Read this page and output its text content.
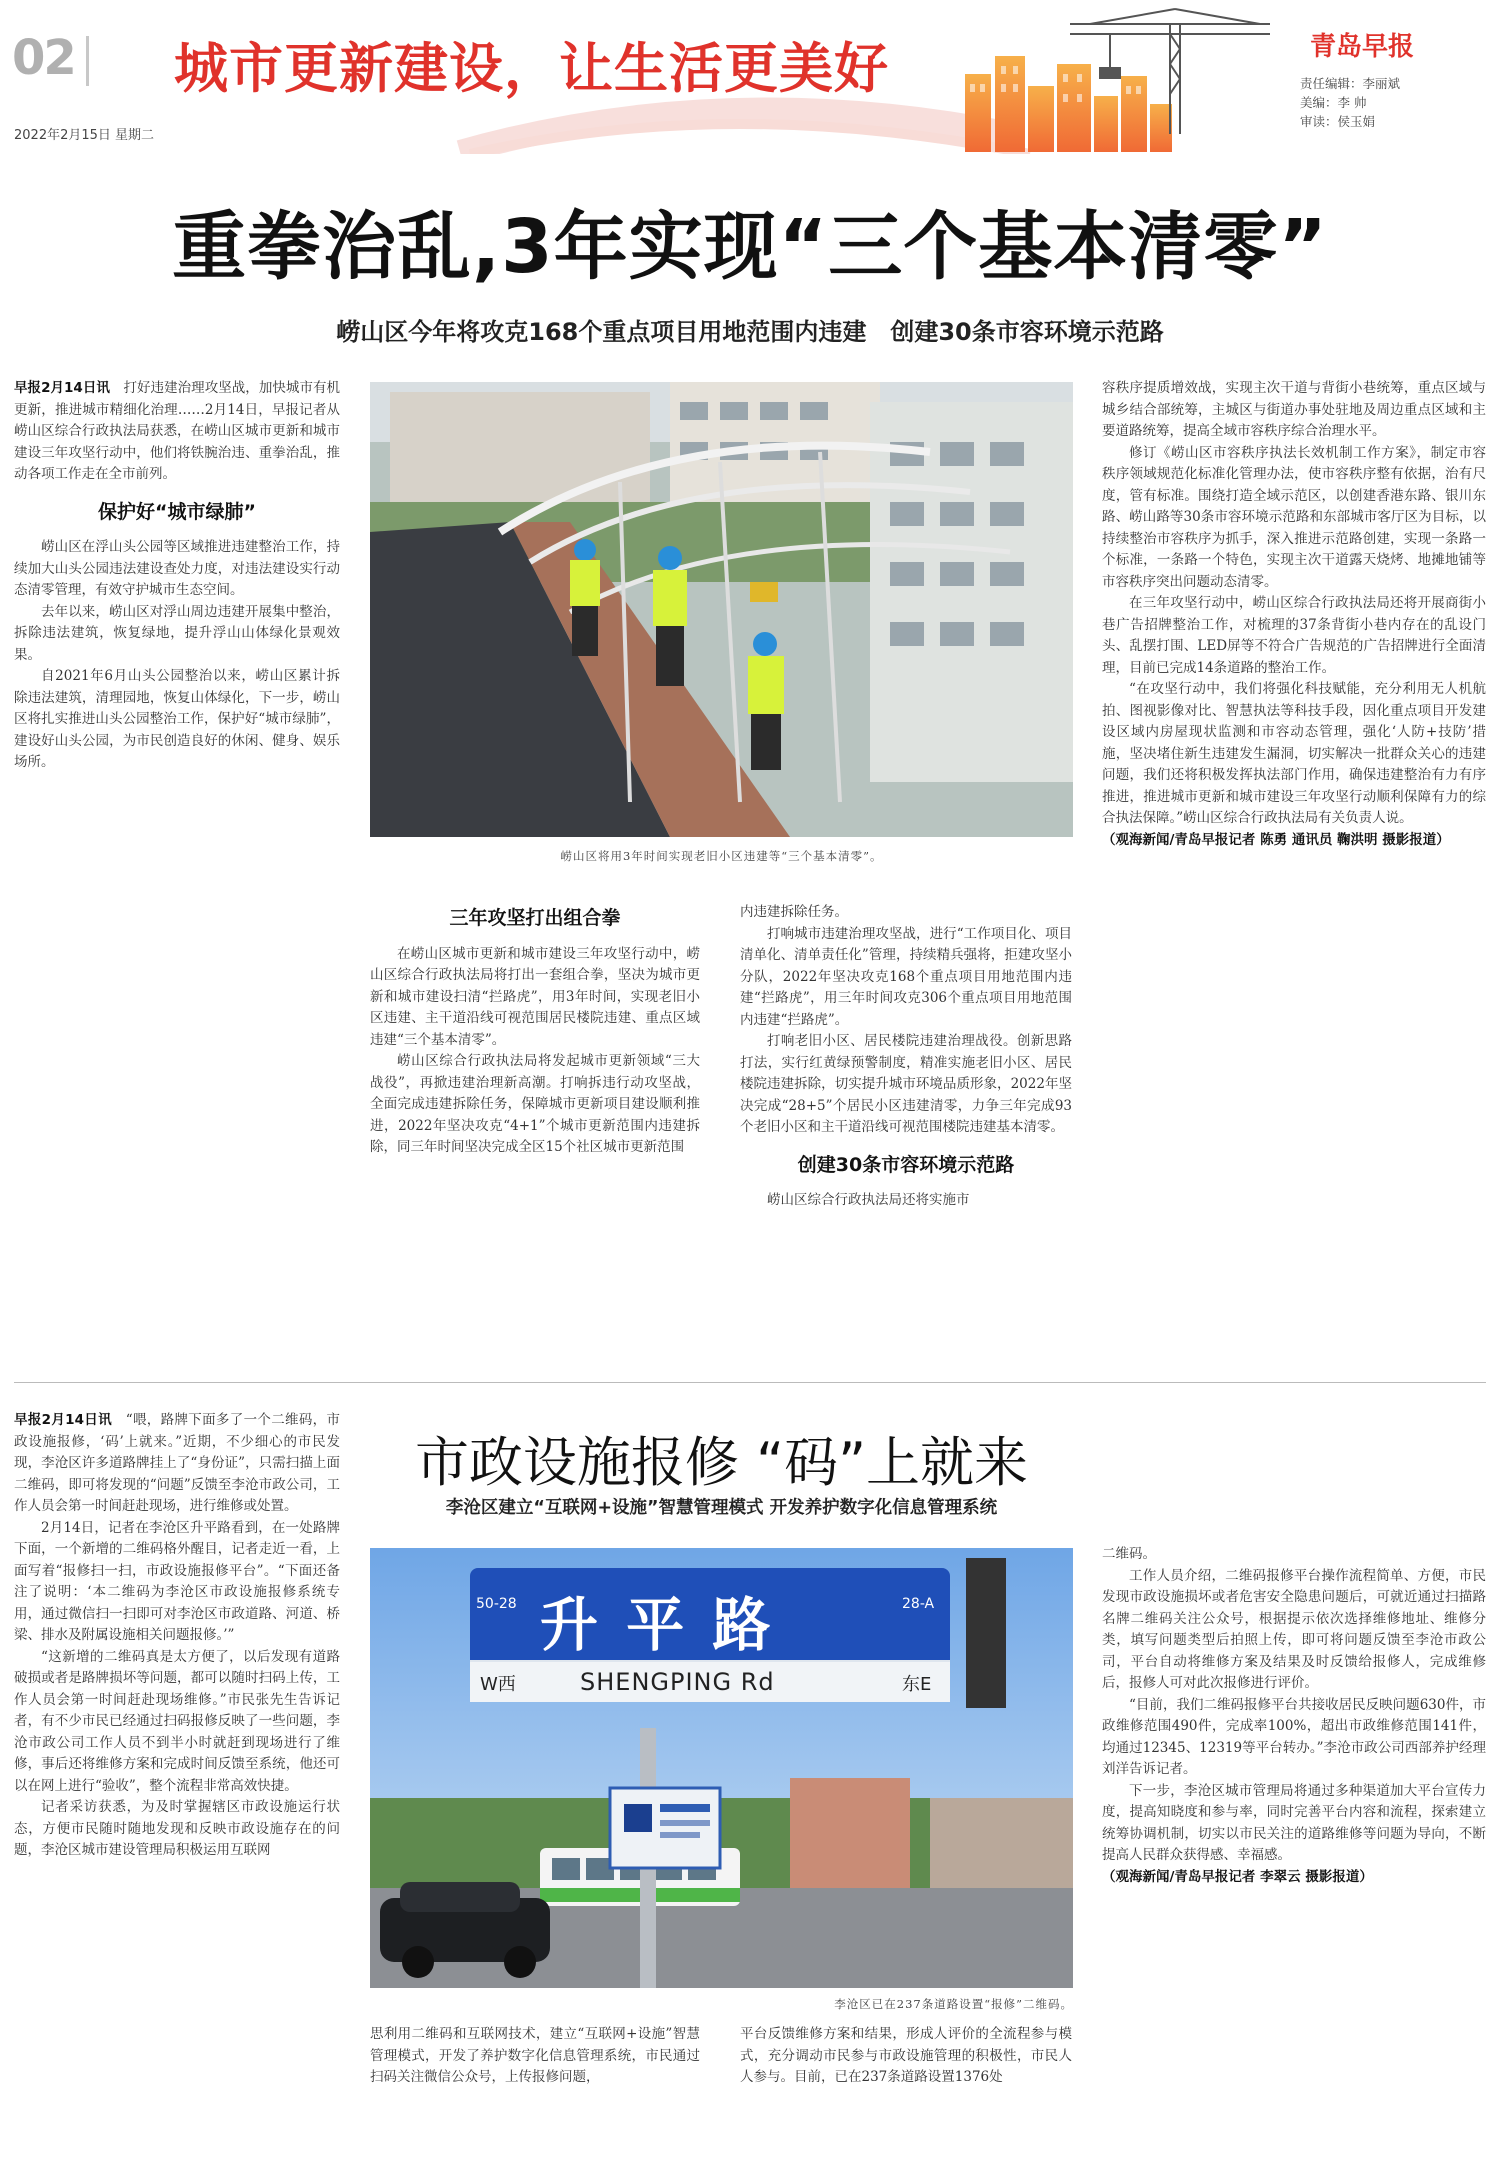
02
2022年2月15日 星期二
城市更新建设，让生活更美好	青岛早报
责任编辑：李丽斌
美编：李 帅
审读：侯玉娟
重拳治乱,3年实现“三个基本清零”
崂山区今年将攻克168个重点项目用地范围内违建　创建30条市容环境示范路
崂山区将用3年时间实现老旧小区违建等“三个基本清零”。

早报2月14日讯　 打好违建治理攻坚战，加快城市有机更新，推进城市精细化治理……2月14日，早报记者从崂山区综合行政执法局获悉，在崂山区城市更新和城市建设三年攻坚行动中，他们将铁腕治违、重拳治乱，推动各项工作走在全市前列。

保护好“城市绿肺”

崂山区在浮山头公园等区域推进违建整治工作，持续加大山头公园违法建设查处力度，对违法建设实行动态清零管理，有效守护城市生态空间。

去年以来，崂山区对浮山周边违建开展集中整治，拆除违法建筑，恢复绿地，提升浮山山体绿化景观效果。

自2021年6月山头公园整治以来，崂山区累计拆除违法建筑，清理园地，恢复山体绿化，下一步，崂山区将扎实推进山头公园整治工作，保护好“城市绿肺”，建设好山头公园，为市民创造良好的休闲、健身、娱乐场所。

三年攻坚打出组合拳

在崂山区城市更新和城市建设三年攻坚行动中，崂山区综合行政执法局将打出一套组合拳，坚决为城市更新和城市建设扫清“拦路虎”，用3年时间，实现老旧小区违建、主干道沿线可视范围居民楼院违建、重点区域违建“三个基本清零”。

崂山区综合行政执法局将发起城市更新领域“三大战役”，再掀违建治理新高潮。打响拆违行动攻坚战，全面完成违建拆除任务，保障城市更新项目建设顺利推进，2022年坚决攻克“4+1”个城市更新范围内违建拆除，同三年时间坚决完成全区15个社区城市更新范围

内违建拆除任务。

打响城市违建治理攻坚战，进行“工作项目化、项目清单化、清单责任化”管理，持续精兵强将，拒建攻坚小分队，2022年坚决攻克168个重点项目用地范围内违建“拦路虎”，用三年时间攻克306个重点项目用地范围内违建“拦路虎”。

打响老旧小区、居民楼院违建治理战役。创新思路打法，实行红黄绿预警制度，精准实施老旧小区、居民楼院违建拆除，切实提升城市环境品质形象，2022年坚决完成“28+5”个居民小区违建清零，力争三年完成93个老旧小区和主干道沿线可视范围楼院违建基本清零。

创建30条市容环境示范路

崂山区综合行政执法局还将实施市

容秩序提质增效战，实现主次干道与背街小巷统筹，重点区域与城乡结合部统筹，主城区与街道办事处驻地及周边重点区域和主要道路统筹，提高全域市容秩序综合治理水平。

修订《崂山区市容秩序执法长效机制工作方案》，制定市容秩序领域规范化标准化管理办法，使市容秩序整有依据，治有尺度，管有标准。围绕打造全域示范区，以创建香港东路、银川东路、崂山路等30条市容环境示范路和东部城市客厅区为目标，以持续整治市容秩序为抓手，深入推进示范路创建，实现一条路一个标准，一条路一个特色，实现主次干道露天烧烤、地摊地铺等市容秩序突出问题动态清零。

在三年攻坚行动中，崂山区综合行政执法局还将开展商街小巷广告招牌整治工作，对梳理的37条背街小巷内存在的乱设门头、乱摆打围、LED屏等不符合广告规范的广告招牌进行全面清理，目前已完成14条道路的整治工作。

“在攻坚行动中，我们将强化科技赋能，充分利用无人机航拍、图视影像对比、智慧执法等科技手段，因化重点项目开发建设区域内房屋现状监测和市容动态管理，强化‘人防+技防’措施，坚决堵住新生违建发生漏洞，切实解决一批群众关心的违建问题，我们还将积极发挥执法部门作用，确保违建整治有力有序推进，推进城市更新和城市建设三年攻坚行动顺利保障有力的综合执法保障。”崂山区综合行政执法局有关负责人说。

（观海新闻/青岛早报记者 陈勇 通讯员 鞠洪明 摄影报道）

市政设施报修 “码”上就来
李沧区建立“互联网+设施”智慧管理模式 开发养护数字化信息管理系统
50-28 升 平 路	28-A
W西	SHENGPING Rd	东E
李沧区已在237条道路设置“报修”二维码。

早报2月14日讯　 “喂，路牌下面多了一个二维码，市政设施报修，‘码’上就来。”近期，不少细心的市民发现，李沧区许多道路牌挂上了“身份证”，只需扫描上面二维码，即可将发现的“问题”反馈至李沧市政公司，工作人员会第一时间赶赴现场，进行维修或处置。

2月14日，记者在李沧区升平路看到，在一处路牌下面，一个新增的二维码格外醒目，记者走近一看，上面写着“报修扫一扫，市政设施报修平台”。“下面还备注了说明：‘本二维码为李沧区市政设施报修系统专用，通过微信扫一扫即可对李沧区市政道路、河道、桥梁、排水及附属设施相关问题报修。’”

“这新增的二维码真是太方便了，以后发现有道路破损或者是路牌损坏等问题，都可以随时扫码上传，工作人员会第一时间赶赴现场维修。”市民张先生告诉记者，有不少市民已经通过扫码报修反映了一些问题，李沧市政公司工作人员不到半小时就赶到现场进行了维修，事后还将维修方案和完成时间反馈至系统，他还可以在网上进行“验收”，整个流程非常高效快捷。

记者采访获悉，为及时掌握辖区市政设施运行状态，方便市民随时随地发现和反映市政设施存在的问题，李沧区城市建设管理局积极运用互联网

思利用二维码和互联网技术，建立“互联网+设施”智慧管理模式，开发了养护数字化信息管理系统，市民通过扫码关注微信公众号，上传报修问题，

平台反馈维修方案和结果，形成人评价的全流程参与模式，充分调动市民参与市政设施管理的积极性，市民人人参与。目前，已在237条道路设置1376处

二维码。

工作人员介绍，二维码报修平台操作流程简单、方便，市民发现市政设施损坏或者危害安全隐患问题后，可就近通过扫描路名牌二维码关注公众号，根据提示依次选择维修地址、维修分类，填写问题类型后拍照上传，即可将问题反馈至李沧市政公司，平台自动将维修方案及结果及时反馈给报修人，完成维修后，报修人可对此次报修进行评价。

“目前，我们二维码报修平台共接收居民反映问题630件，市政维修范围490件，完成率100%，超出市政维修范围141件，均通过12345、12319等平台转办。”李沧市政公司西部养护经理刘洋告诉记者。

下一步，李沧区城市管理局将通过多种渠道加大平台宣传力度，提高知晓度和参与率，同时完善平台内容和流程，探索建立统筹协调机制，切实以市民关注的道路维修等问题为导向，不断提高人民群众获得感、幸福感。

（观海新闻/青岛早报记者 李翠云 摄影报道）
